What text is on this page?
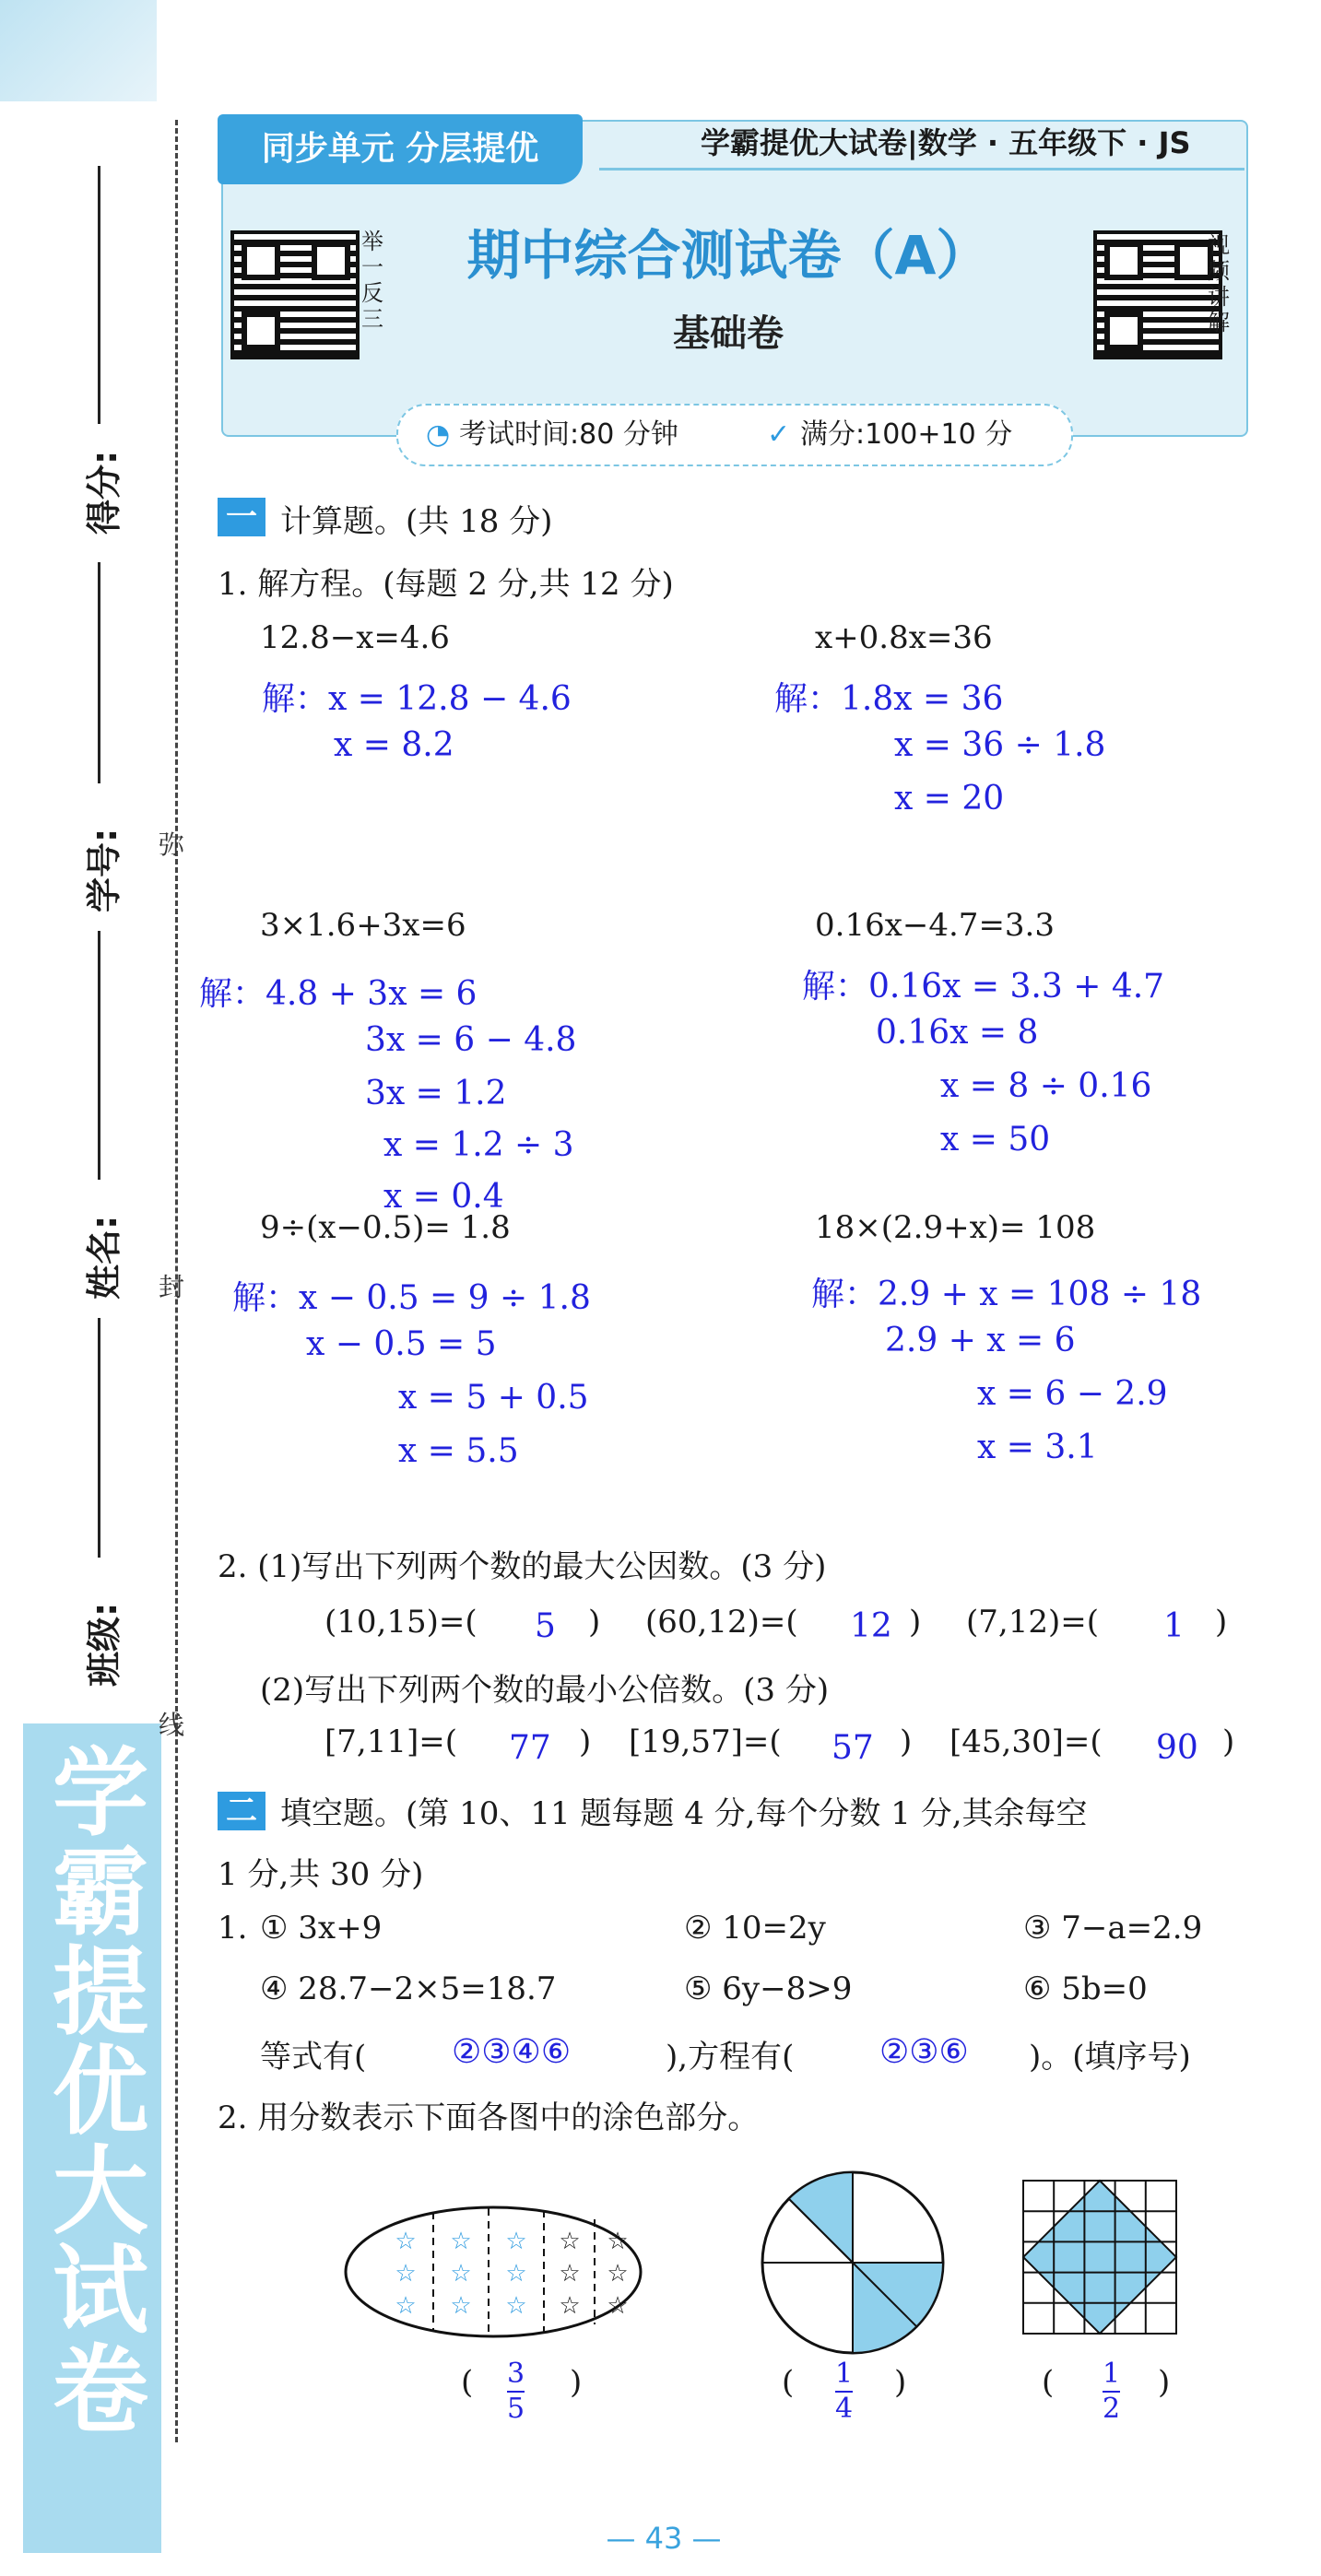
学霸提优大试卷
得分:
学号:
姓名:
班级:
弥
封
线
同步单元 分层提优	学霸提优大试卷|数学 · 五年级下 · JS
举一反三
视频讲解
期中综合测试卷（A）
基础卷
◔ 考试时间:80 分钟	✓ 满分:100+10 分
一 计算题。(共 18 分)
1. 解方程。(每题 2 分,共 12 分)
12.8−x=4.6
解：x = 12.8 − 4.6
x = 8.2
x+0.8x=36
解：1.8x = 36
x = 36 ÷ 1.8
x = 20
3×1.6+3x=6
解：4.8 + 3x = 6
3x = 6 − 4.8
3x = 1.2
x = 1.2 ÷ 3
x = 0.4
0.16x−4.7=3.3
解：0.16x = 3.3 + 4.7
0.16x = 8
x = 8 ÷ 0.16
x = 50
9÷(x−0.5)= 1.8
解：x − 0.5 = 9 ÷ 1.8
x − 0.5 = 5
x = 5 + 0.5
x = 5.5
18×(2.9+x)= 108
解：2.9 + x = 108 ÷ 18
2.9 + x = 6
x = 6 − 2.9
x = 3.1
2. (1)写出下列两个数的最大公因数。(3 分)
(10,15)=( 5 ) (60,12)=( 12 ) (7,12)=( 1 )
(2)写出下列两个数的最小公倍数。(3 分)
[7,11]=( 77 ) [19,57]=( 57 ) [45,30]=( 90 )
二 填空题。(第 10、11 题每题 4 分,每个分数 1 分,其余每空
1 分,共 30 分)
1. ① 3x+9	② 10=2y	③ 7−a=2.9
④ 28.7−2×5=18.7	⑤ 6y−8>9	⑥ 5b=0
等式有(	②③④⑥	),方程有(	②③⑥ )。(填序号)
2. 用分数表示下面各图中的涂色部分。
☆
☆
☆
☆
☆
☆
☆
☆
☆
☆
☆
☆
☆
☆
☆
( 3
5
)	( 1
4
)	( 1
2
)
— 43 —
